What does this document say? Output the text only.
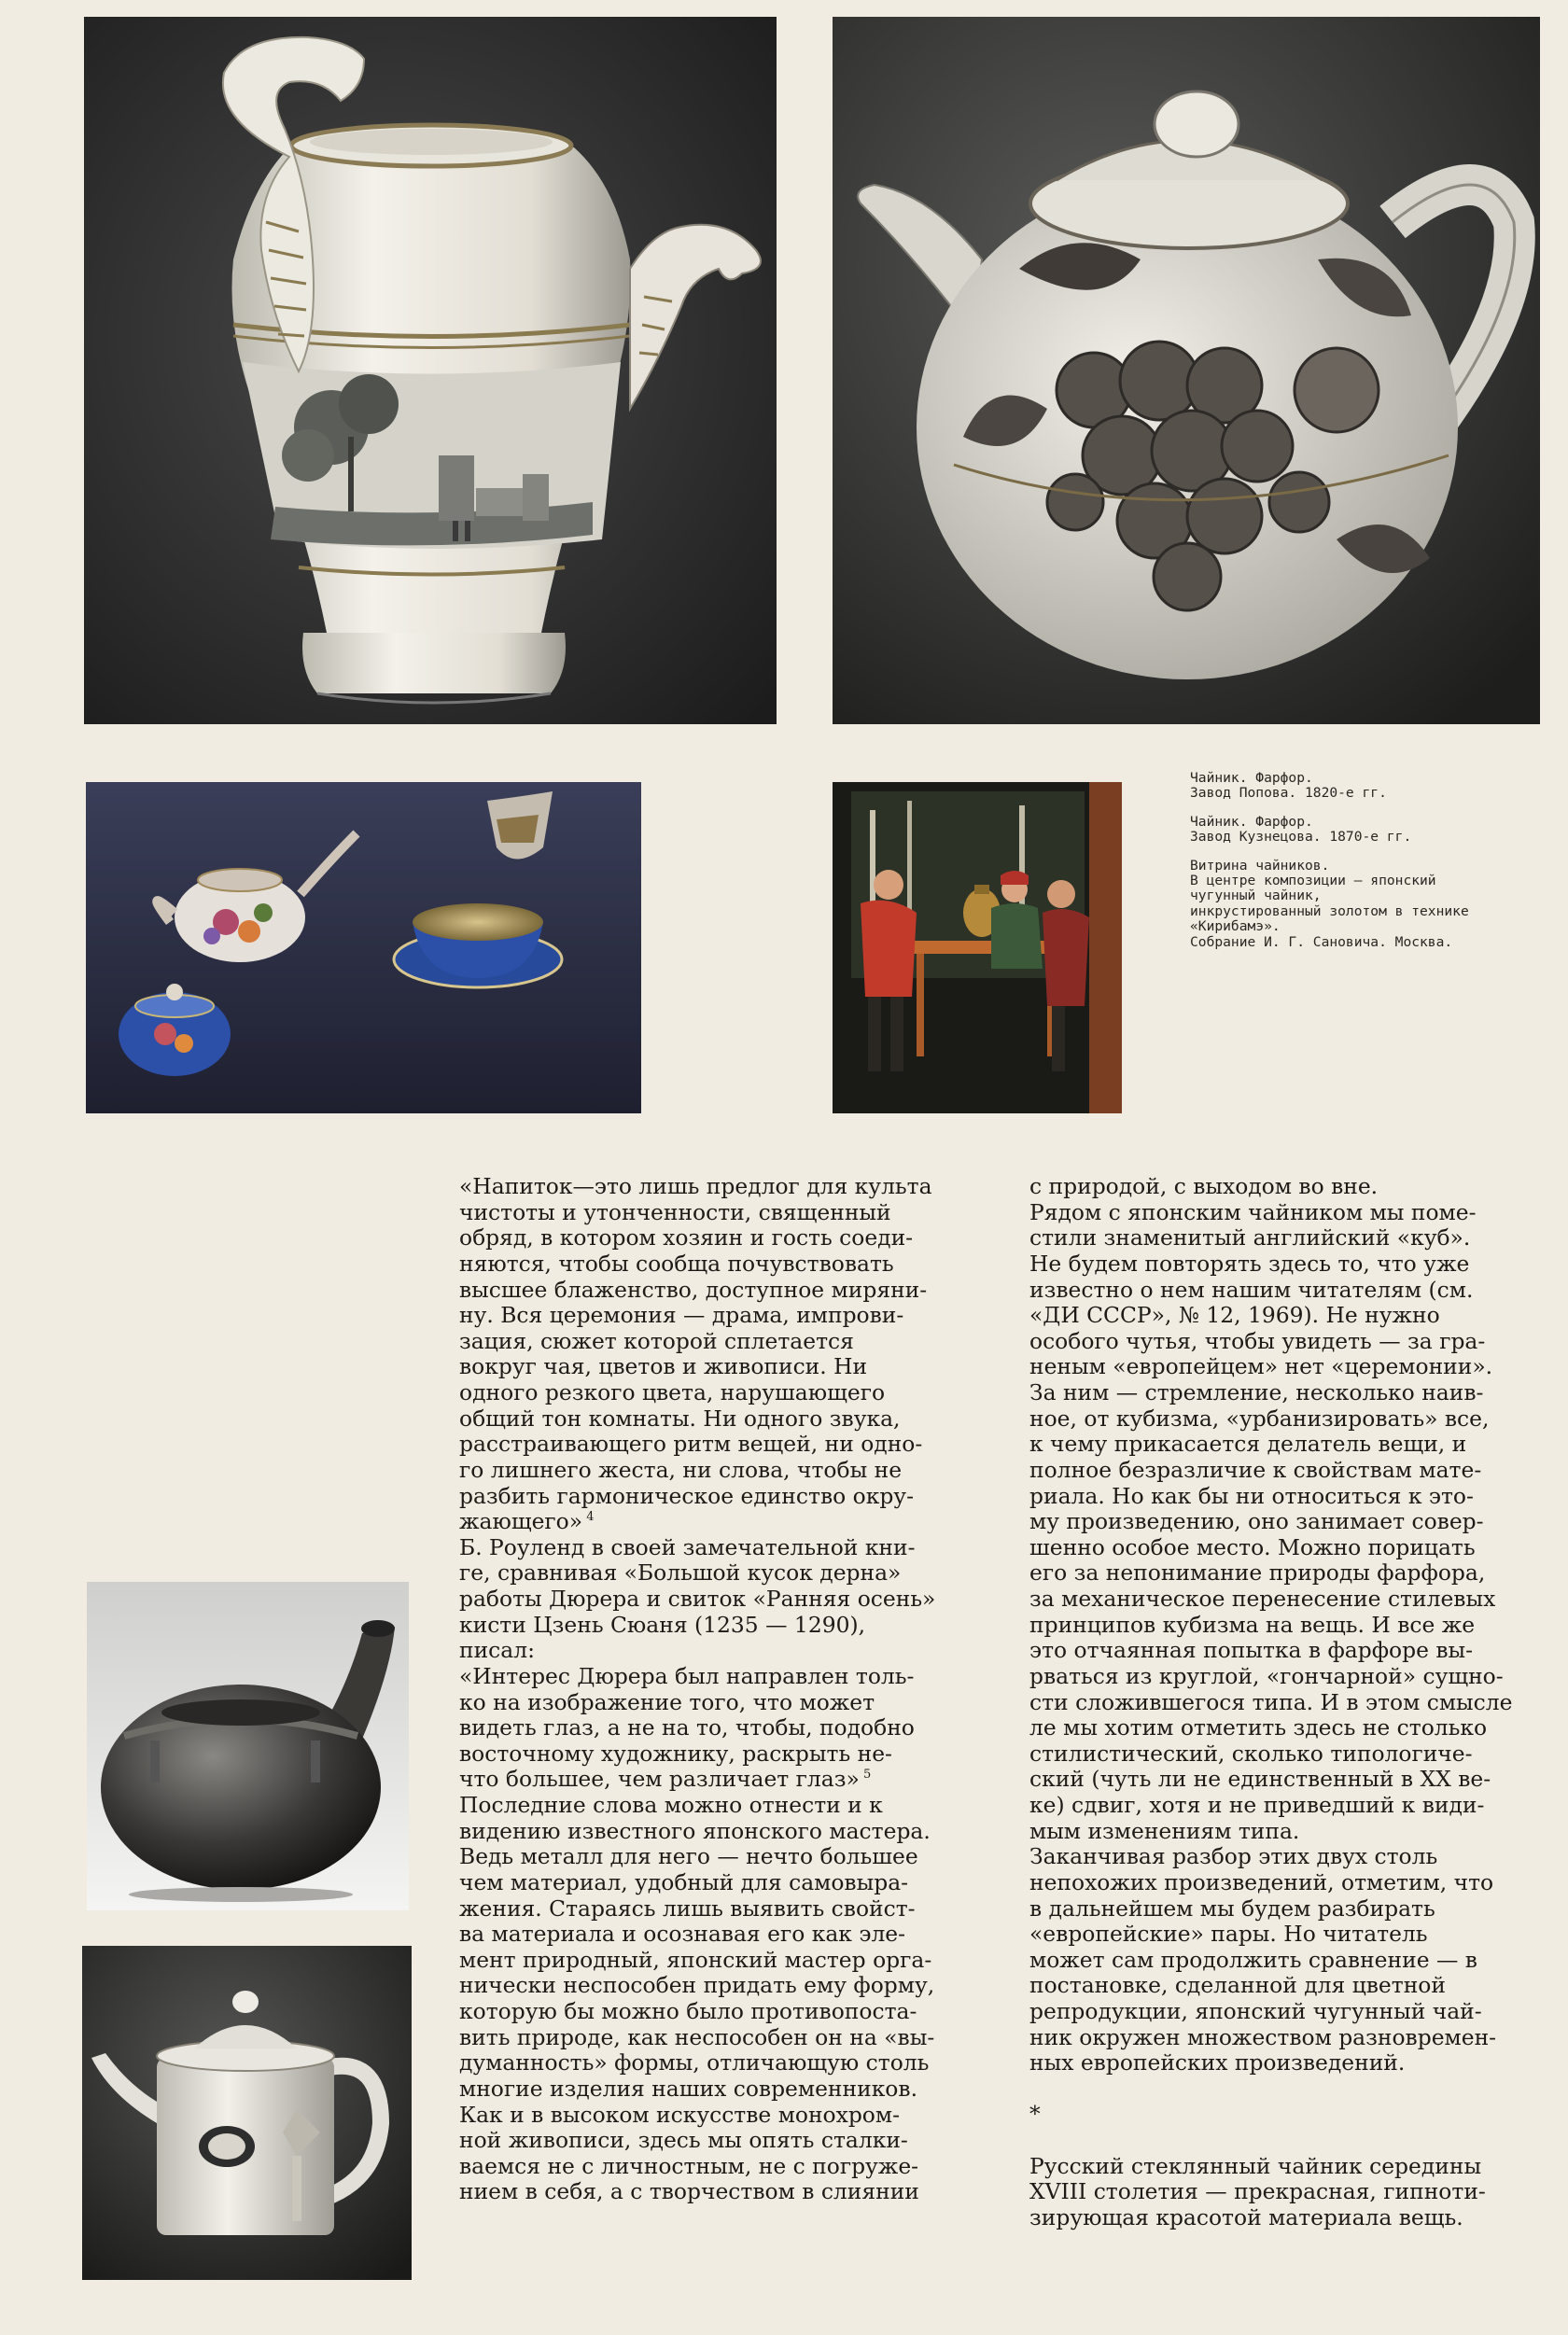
Чайник. Фарфор.
Завод Попова. 1820-е гг.
Чайник. Фарфор.
Завод Кузнецова. 1870-е гг.
Витрина чайников.
В центре композиции — японский
чугунный чайник,
инкрустированный золотом в технике
«Кирибамэ».
Собрание И. Г. Сановича. Москва.
«Напиток—это лишь предлог для культа
чистоты и утонченности, священный
обряд, в котором хозяин и гость соеди-
няются, чтобы сообща почувствовать
высшее блаженство, доступное миряни-
ну. Вся церемония — драма, импрови-
зация, сюжет которой сплетается
вокруг чая, цветов и живописи. Ни
одного резкого цвета, нарушающего
общий тон комнаты. Ни одного звука,
расстраивающего ритм вещей, ни одно-
го лишнего жеста, ни слова, чтобы не
разбить гармоническое единство окру-
жающего» $^4$
Б. Роуленд в своей замечательной кни-
ге, сравнивая «Большой кусок дерна»
работы Дюрера и свиток «Ранняя осень»
кисти Цзень Сюаня (1235 — 1290),
писал:
«Интерес Дюрера был направлен толь-
ко на изображение того, что может
видеть глаз, а не на то, чтобы, подобно
восточному художнику, раскрыть не-
что большее, чем различает глаз» $^5$
Последние слова можно отнести и к
видению известного японского мастера.
Ведь металл для него — нечто большее
чем материал, удобный для самовыра-
жения. Стараясь лишь выявить свойст-
ва материала и осознавая его как эле-
мент природный, японский мастер орга-
нически неспособен придать ему форму,
которую бы можно было противопоста-
вить природе, как неспособен он на «вы-
думанность» формы, отличающую столь
многие изделия наших современников.
Как и в высоком искусстве монохром-
ной живописи, здесь мы опять сталки-
ваемся не с личностным, не с погруже-
нием в себя, а с творчеством в слиянии
с природой, с выходом во вне.
Рядом с японским чайником мы поме-
стили знаменитый английский «куб».
Не будем повторять здесь то, что уже
известно о нем нашим читателям (см.
«ДИ СССР», № 12, 1969). Не нужно
особого чутья, чтобы увидеть — за гра-
неным «европейцем» нет «церемонии».
За ним — стремление, несколько наив-
ное, от кубизма, «урбанизировать» все,
к чему прикасается делатель вещи, и
полное безразличие к свойствам мате-
риала. Но как бы ни относиться к это-
му произведению, оно занимает совер-
шенно особое место. Можно порицать
его за непонимание природы фарфора,
за механическое перенесение стилевых
принципов кубизма на вещь. И все же
это отчаянная попытка в фарфоре вы-
рваться из круглой, «гончарной» сущно-
сти сложившегося типа. И в этом смысле
ле мы хотим отметить здесь не столько
стилистический, сколько типологиче-
ский (чуть ли не единственный в XX ве-
ке) сдвиг, хотя и не приведший к види-
мым изменениям типа.
Заканчивая разбор этих двух столь
непохожих произведений, отметим, что
в дальнейшем мы будем разбирать
«европейские» пары. Но читатель
может сам продолжить сравнение — в
постановке, сделанной для цветной
репродукции, японский чугунный чай-
ник окружен множеством разновремен-
ных европейских произведений.
*
Русский стеклянный чайник середины
XVIII столетия — прекрасная, гипноти-
зирующая красотой материала вещь.
